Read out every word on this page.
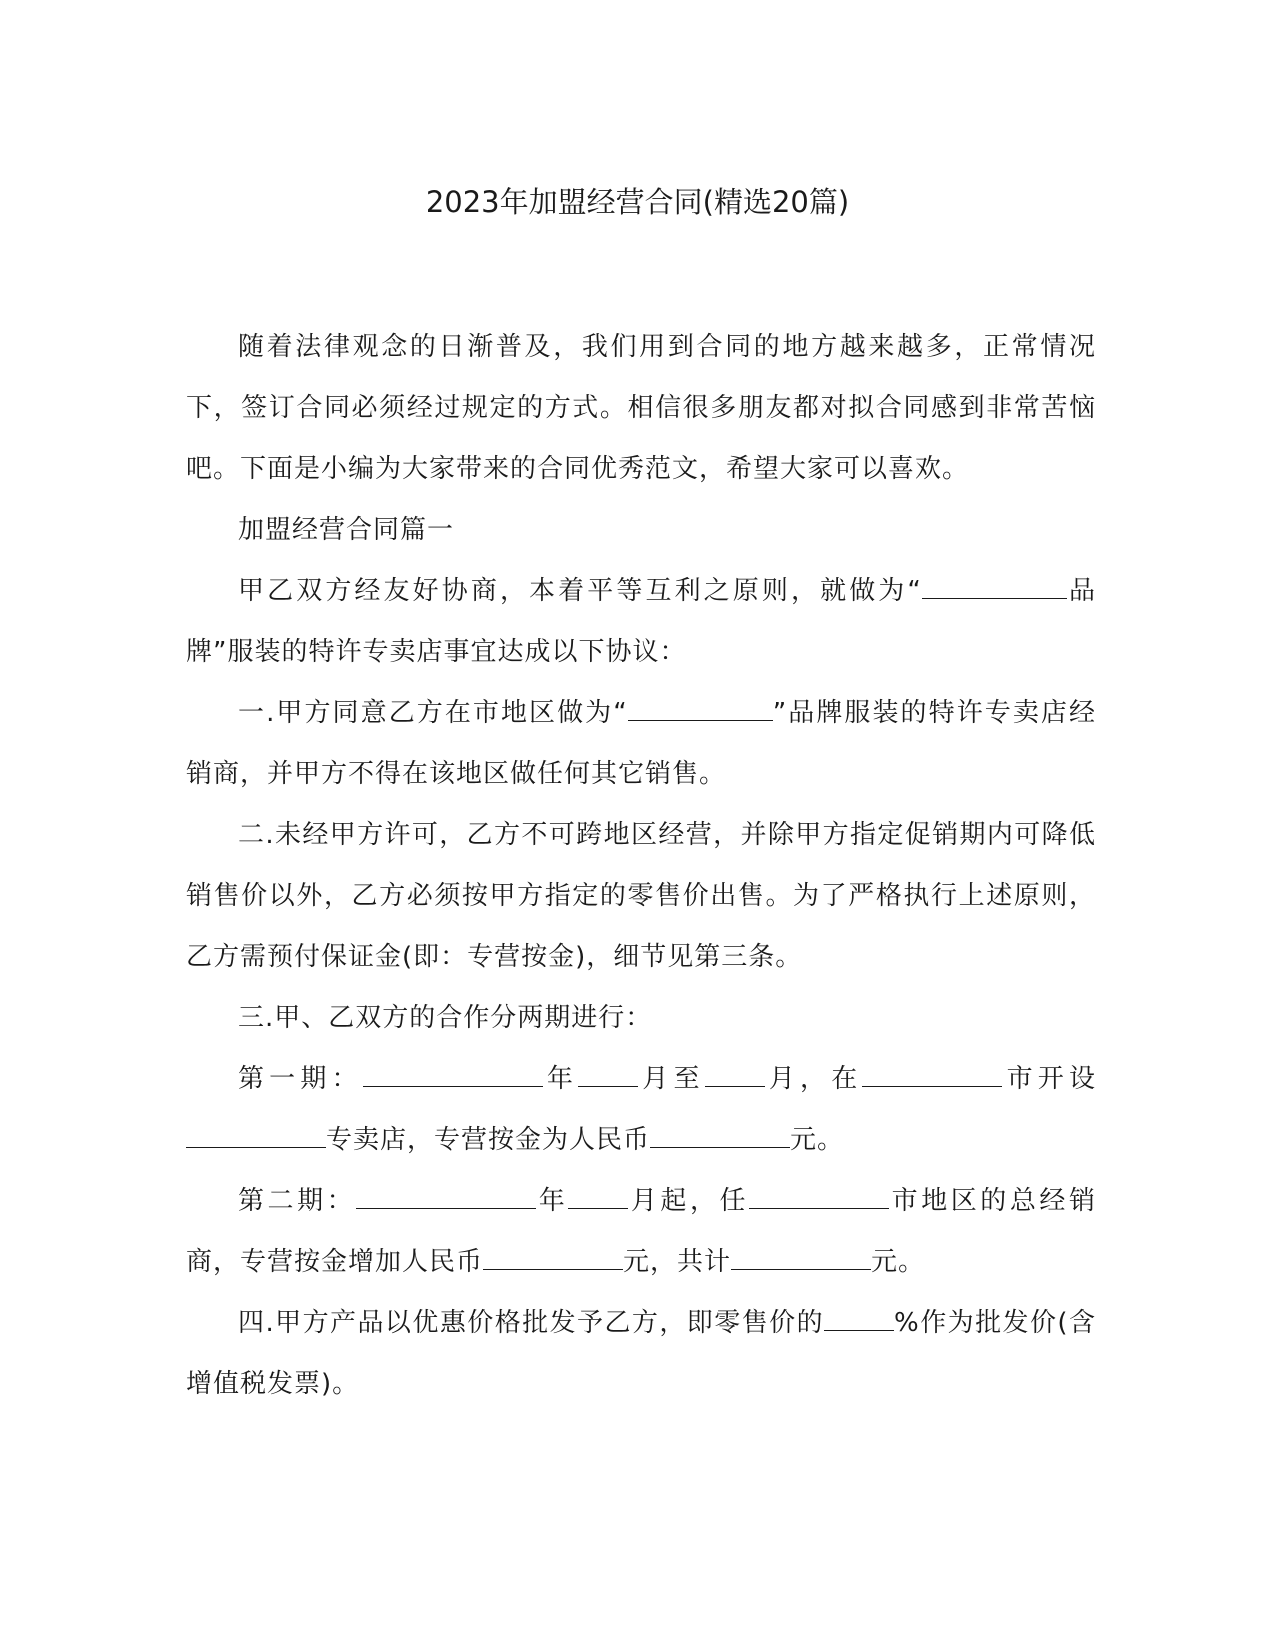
2023年加盟经营合同(精选20篇)

随着法律观念的日渐普及，我们用到合同的地方越来越多，正常情况下，签订合同必须经过规定的方式。相信很多朋友都对拟合同感到非常苦恼吧。下面是小编为大家带来的合同优秀范文，希望大家可以喜欢。

加盟经营合同篇一

甲乙双方经友好协商，本着平等互利之原则，就做为“	品牌”服装的特许专卖店事宜达成以下协议：

一.甲方同意乙方在市地区做为“	”品牌服装的特许专卖店经销商，并甲方不得在该地区做任何其它销售。

二.未经甲方许可，乙方不可跨地区经营，并除甲方指定促销期内可降低销售价以外，乙方必须按甲方指定的零售价出售。为了严格执行上述原则，乙方需预付保证金(即：专营按金)，细节见第三条。

三.甲、乙双方的合作分两期进行：

第一期：	年 月至 月，在	市开设专卖店，专营按金为人民币	元。

第二期：	年 月起，任	市地区的总经销商，专营按金增加人民币	元，共计	元。

四.甲方产品以优惠价格批发予乙方，即零售价的	%作为批发价(含增值税发票)。
